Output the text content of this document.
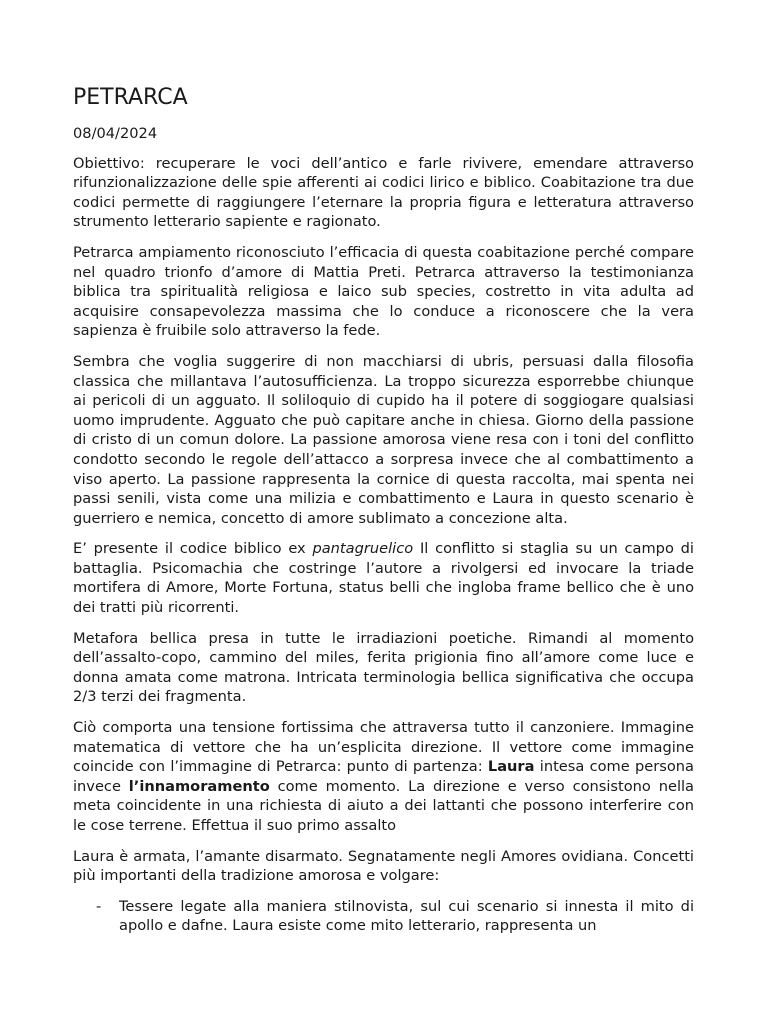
PETRARCA
08/04/2024

Obiettivo: recuperare le voci dell’antico e farle rivivere, emendare attraverso rifunzionalizzazione delle spie afferenti ai codici lirico e biblico. Coabitazione tra due codici permette di raggiungere l’eternare la propria figura e letteratura attraverso strumento letterario sapiente e ragionato.

Petrarca ampiamento riconosciuto l’efficacia di questa coabitazione perché compare nel quadro trionfo d’amore di Mattia Preti. Petrarca attraverso la testimonianza biblica tra spiritualità religiosa e laico sub species, costretto in vita adulta ad acquisire consapevolezza massima che lo conduce a riconoscere che la vera sapienza è fruibile solo attraverso la fede.

Sembra che voglia suggerire di non macchiarsi di ubris, persuasi dalla filosofia classica che millantava l’autosufficienza. La troppo sicurezza esporrebbe chiunque ai pericoli di un agguato. Il soliloquio di cupido ha il potere di soggiogare qualsiasi uomo imprudente. Agguato che può capitare anche in chiesa. Giorno della passione di cristo di un comun dolore. La passione amorosa viene resa con i toni del conflitto condotto secondo le regole dell’attacco a sorpresa invece che al combattimento a viso aperto. La passione rappresenta la cornice di questa raccolta, mai spenta nei passi senili, vista come una milizia e combattimento e Laura in questo scenario è guerriero e nemica, concetto di amore sublimato a concezione alta.

E’ presente il codice biblico ex pantagruelico Il conflitto si staglia su un campo di battaglia. Psicomachia che costringe l’autore a rivolgersi ed invocare la triade mortifera di Amore, Morte Fortuna, status belli che ingloba frame bellico che è uno dei tratti più ricorrenti.

Metafora bellica presa in tutte le irradiazioni poetiche. Rimandi al momento dell’assalto-copo, cammino del miles, ferita prigionia fino all’amore come luce e donna amata come matrona. Intricata terminologia bellica significativa che occupa 2/3 terzi dei fragmenta.

Ciò comporta una tensione fortissima che attraversa tutto il canzoniere. Immagine matematica di vettore che ha un’esplicita direzione. Il vettore come immagine coincide con l’immagine di Petrarca: punto di partenza: Laura intesa come persona invece l’innamoramento come momento. La direzione e verso consistono nella meta coincidente in una richiesta di aiuto a dei lattanti che possono interferire con le cose terrene. Effettua il suo primo assalto

Laura è armata, l’amante disarmato. Segnatamente negli Amores ovidiana. Concetti più importanti della tradizione amorosa e volgare:

- Tessere legate alla maniera stilnovista, sul cui scenario si innesta il mito di apollo e dafne. Laura esiste come mito letterario, rappresenta un
